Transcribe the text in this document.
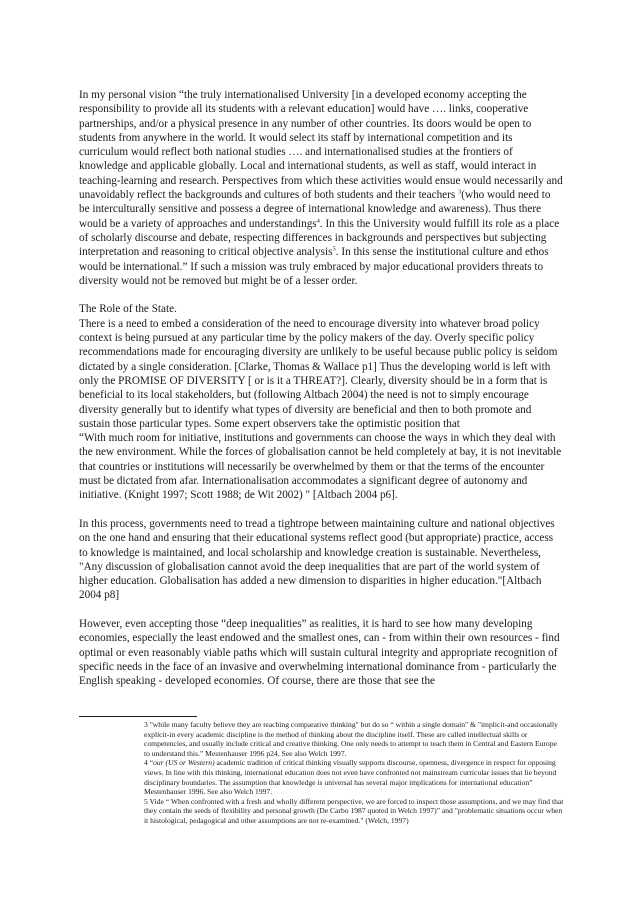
In my personal vision “the truly internationalised University [in a developed economy accepting the responsibility to provide all its students with a relevant education] would have …. links, cooperative partnerships, and/or a physical presence in any number of other countries. Its doors would be open to students from anywhere in the world. It would select its staff by international competition and its curriculum would reflect both national studies …. and internationalised studies at the frontiers of knowledge and applicable globally. Local and international students, as well as staff, would interact in teaching-learning and research. Perspectives from which these activities would ensue would necessarily and unavoidably reflect the backgrounds and cultures of both students and their teachers $^3$(who would need to be interculturally sensitive and possess a degree of international knowledge and awareness). Thus there would be a variety of approaches and understandings$^4$. In this the University would fulfill its role as a place of scholarly discourse and debate, respecting differences in backgrounds and perspectives but subjecting interpretation and reasoning to critical objective analysis$^5$. In this sense the institutional culture and ethos would be international.” If such a mission was truly embraced by major educational providers threats to diversity would not be removed but might be of a lesser order.

The Role of the State.

There is a need to embed a consideration of the need to encourage diversity into whatever broad policy context is being pursued at any particular time by the policy makers of the day. Overly specific policy recommendations made for encouraging diversity are unlikely to be useful because public policy is seldom dictated by a single consideration. [Clarke, Thomas & Wallace p1] Thus the developing world is left with only the PROMISE OF DIVERSITY [ or is it a THREAT?]. Clearly, diversity should be in a form that is beneficial to its local stakeholders, but (following Altbach 2004) the need is not to simply encourage diversity generally but to identify what types of diversity are beneficial and then to both promote and sustain those particular types. Some expert observers take the optimistic position that

“With much room for initiative, institutions and governments can choose the ways in which they deal with the new environment. While the forces of globalisation cannot be held completely at bay, it is not inevitable that countries or institutions will necessarily be overwhelmed by them or that the terms of the encounter must be dictated from afar. Internationalisation accommodates a significant degree of autonomy and initiative. (Knight 1997; Scott 1988; de Wit 2002) " [Altbach 2004 p6].

In this process, governments need to tread a tightrope between maintaining culture and national objectives on the one hand and ensuring that their educational systems reflect good (but appropriate) practice, access to knowledge is maintained, and local scholarship and knowledge creation is sustainable. Nevertheless,

"Any discussion of globalisation cannot avoid the deep inequalities that are part of the world system of higher education. Globalisation has added a new dimension to disparities in higher education."[Altbach 2004 p8]

However, even accepting those “deep inequalities” as realities, it is hard to see how many developing economies, especially the least endowed and the smallest ones, can - from within their own resources - find optimal or even reasonably viable paths which will sustain cultural integrity and appropriate recognition of specific needs in the face of an invasive and overwhelming international dominance from - particularly the English speaking - developed economies. Of course, there are those that see the

3 "while many faculty believe they are teaching comparative thinking" but do so “ within a single domain" & "implicit-and occasionally explicit-in every academic discipline is the method of thinking about the discipline itself. These are called intellectual skills or competencies, and usually include critical and creative thinking. One only needs to attempt to teach them in Central and Eastern Europe to understand this.” Mestenhauser 1996 p24. See also Welch 1997.

4 “our (US or Western) academic tradition of critical thinking visually supports discourse, openness, divergence in respect for opposing views. In line with this thinking, international education does not even have confronted not mainstream curricular issues that lie beyond disciplinary boundaries. The assumption that knowledge is universal has several major implications for international education” Mestenhauser 1996, See also Welch 1997.

5 Vide “ When confronted with a fresh and wholly different perspective, we are forced to inspect those assumptions, and we may find that they contain the seeds of flexibility and personal growth (De Carbo 1987 quoted in Welch 1997)” and "problematic situations occur when it histological, pedagogical and other assumptions are not re-examined." (Welch, 1997)
